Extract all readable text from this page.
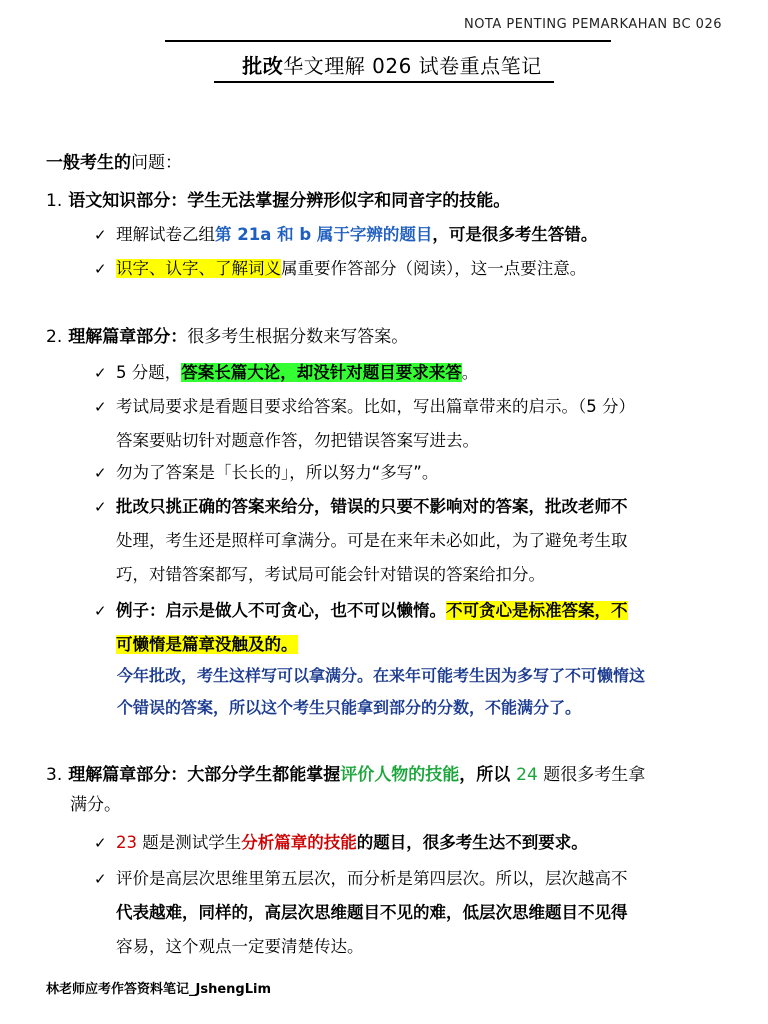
NOTA PENTING PEMARKAHAN BC 026
批改华文理解 026 试卷重点笔记
一般考生的问题：
1. 语文知识部分：学生无法掌握分辨形似字和同音字的技能。
✓ 理解试卷乙组第 21a 和 b 属于字辨的题目，可是很多考生答错。
✓ 识字、认字、了解词义属重要作答部分（阅读），这一点要注意。
2. 理解篇章部分：很多考生根据分数来写答案。
✓ 5 分题，答案长篇大论，却没针对题目要求来答。
✓ 考试局要求是看题目要求给答案。比如，写出篇章带来的启示。（5 分）
答案要贴切针对题意作答，勿把错误答案写进去。
✓ 勿为了答案是「长长的」，所以努力“多写”。
✓ 批改只挑正确的答案来给分，错误的只要不影响对的答案，批改老师不
处理，考生还是照样可拿满分。可是在来年未必如此，为了避免考生取
巧，对错答案都写，考试局可能会针对错误的答案给扣分。
✓ 例子：启示是做人不可贪心，也不可以懒惰。不可贪心是标准答案，不
可懒惰是篇章没触及的。
今年批改，考生这样写可以拿满分。在来年可能考生因为多写了不可懒惰这
个错误的答案，所以这个考生只能拿到部分的分数，不能满分了。
3. 理解篇章部分：大部分学生都能掌握评价人物的技能，所以 24 题很多考生拿
满分。
✓ 23 题是测试学生分析篇章的技能的题目，很多考生达不到要求。
✓ 评价是高层次思维里第五层次，而分析是第四层次。所以，层次越高不
代表越难，同样的，高层次思维题目不见的难，低层次思维题目不见得
容易，这个观点一定要清楚传达。
林老师应考作答资料笔记_JshengLim
